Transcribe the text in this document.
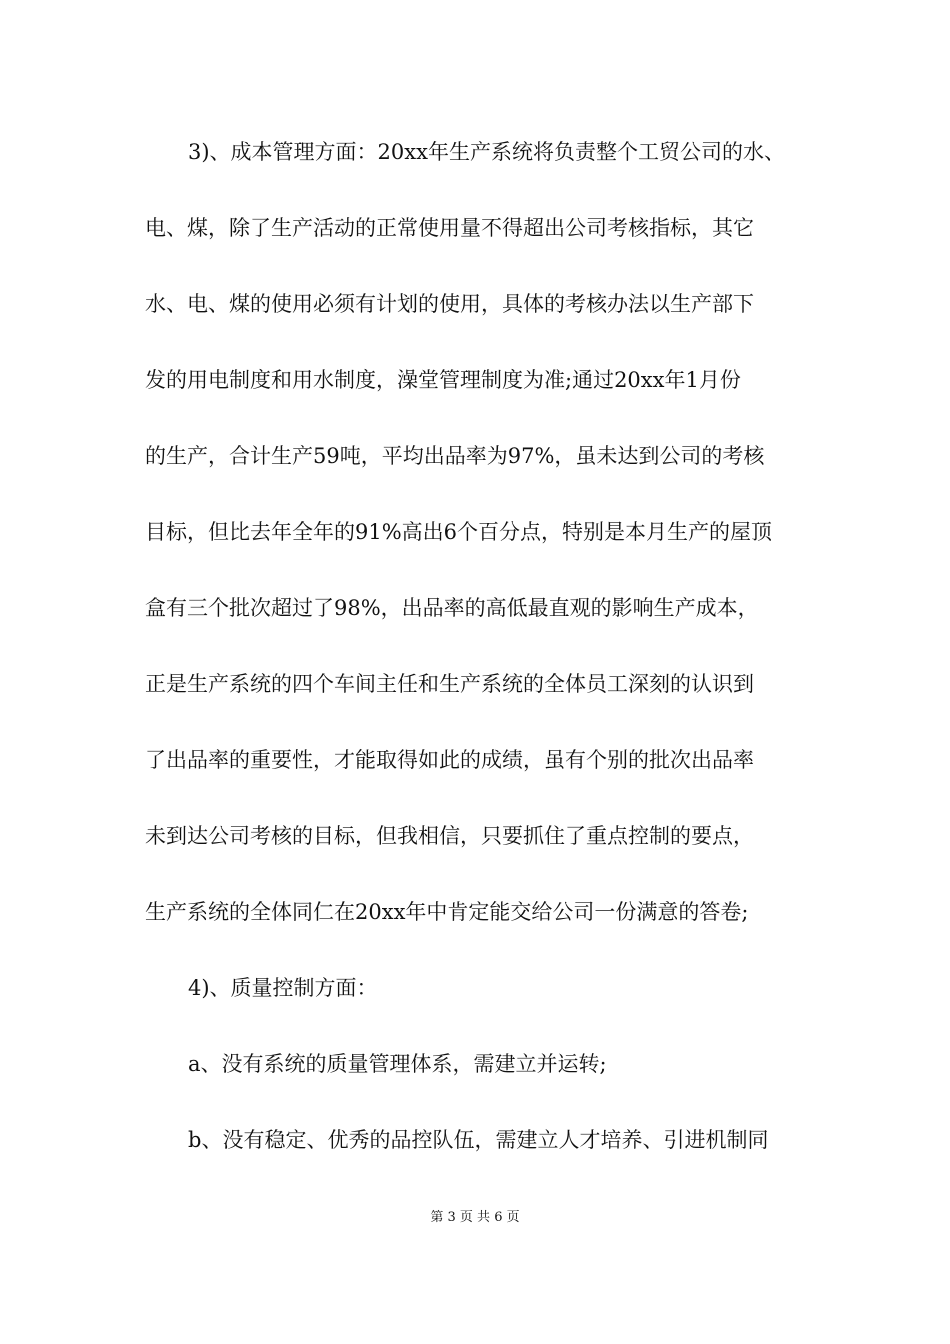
3)、成本管理方面：20xx年生产系统将负责整个工贸公司的水、
电、煤，除了生产活动的正常使用量不得超出公司考核指标，其它
水、电、煤的使用必须有计划的使用，具体的考核办法以生产部下
发的用电制度和用水制度，澡堂管理制度为准;通过20xx年1月份
的生产，合计生产59吨，平均出品率为97%，虽未达到公司的考核
目标，但比去年全年的91%高出6个百分点，特别是本月生产的屋顶
盒有三个批次超过了98%，出品率的高低最直观的影响生产成本，
正是生产系统的四个车间主任和生产系统的全体员工深刻的认识到
了出品率的重要性，才能取得如此的成绩，虽有个别的批次出品率
未到达公司考核的目标，但我相信，只要抓住了重点控制的要点，
生产系统的全体同仁在20xx年中肯定能交给公司一份满意的答卷;
4)、质量控制方面：
a、没有系统的质量管理体系，需建立并运转;
b、没有稳定、优秀的品控队伍，需建立人才培养、引进机制同
第 3 页 共 6 页
